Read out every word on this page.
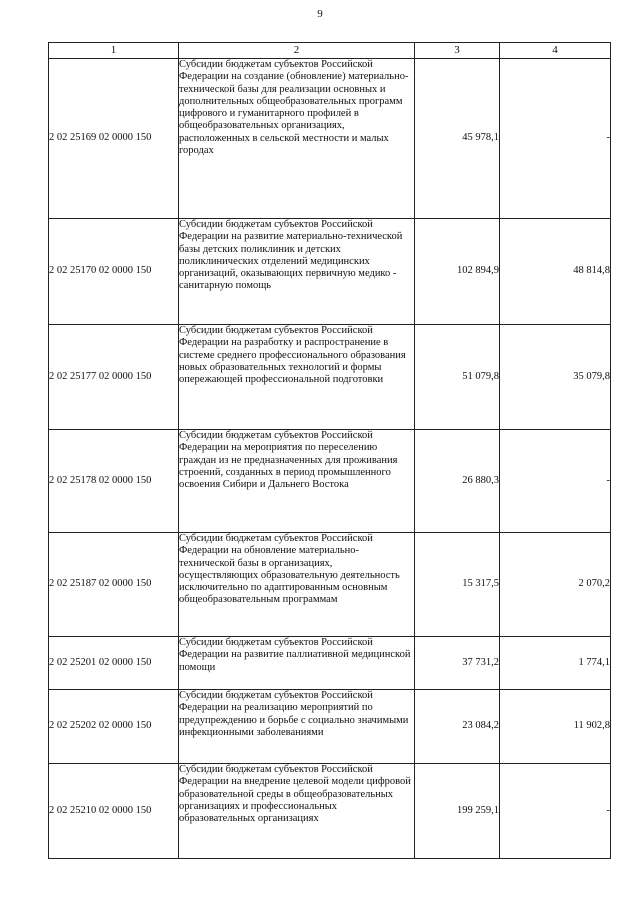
9
1	2	3	4
2 02 25169 02 0000 150	Субсидии бюджетам субъектов Российской Федерации на создание (обновление) материально-технической базы для реализации основных и дополнительных общеобразовательных программ цифрового и гуманитарного профилей в общеобразовательных организациях, расположенных в сельской местности и малых городах	45 978,1	-
2 02 25170 02 0000 150	Субсидии бюджетам субъектов Российской Федерации на развитие материально-технической базы детских поликлиник и детских поликлинических отделений медицинских организаций, оказывающих первичную медико - санитарную помощь	102 894,9	48 814,8
2 02 25177 02 0000 150	Субсидии бюджетам субъектов Российской Федерации на разработку и распространение в системе среднего профессионального образования новых образовательных технологий и формы опережающей профессиональной подготовки	51 079,8	35 079,8
2 02 25178 02 0000 150	Субсидии бюджетам субъектов Российской Федерации на мероприятия по переселению граждан из не предназначенных для проживания строений, созданных в период промышленного освоения Сибири и Дальнего Востока	26 880,3	-
2 02 25187 02 0000 150	Субсидии бюджетам субъектов Российской Федерации на обновление материально-технической базы в организациях, осуществляющих образовательную деятельность исключительно по адаптированным основным общеобразовательным программам	15 317,5	2 070,2
2 02 25201 02 0000 150	Субсидии бюджетам субъектов Российской Федерации на развитие паллиативной медицинской помощи	37 731,2	1 774,1
2 02 25202 02 0000 150	Субсидии бюджетам субъектов Российской Федерации на реализацию мероприятий по предупреждению и борьбе с социально значимыми инфекционными заболеваниями	23 084,2	11 902,8
2 02 25210 02 0000 150	Субсидии бюджетам субъектов Российской Федерации на внедрение целевой модели цифровой образовательной среды в общеобразовательных организациях и профессиональных образовательных организациях	199 259,1	-
